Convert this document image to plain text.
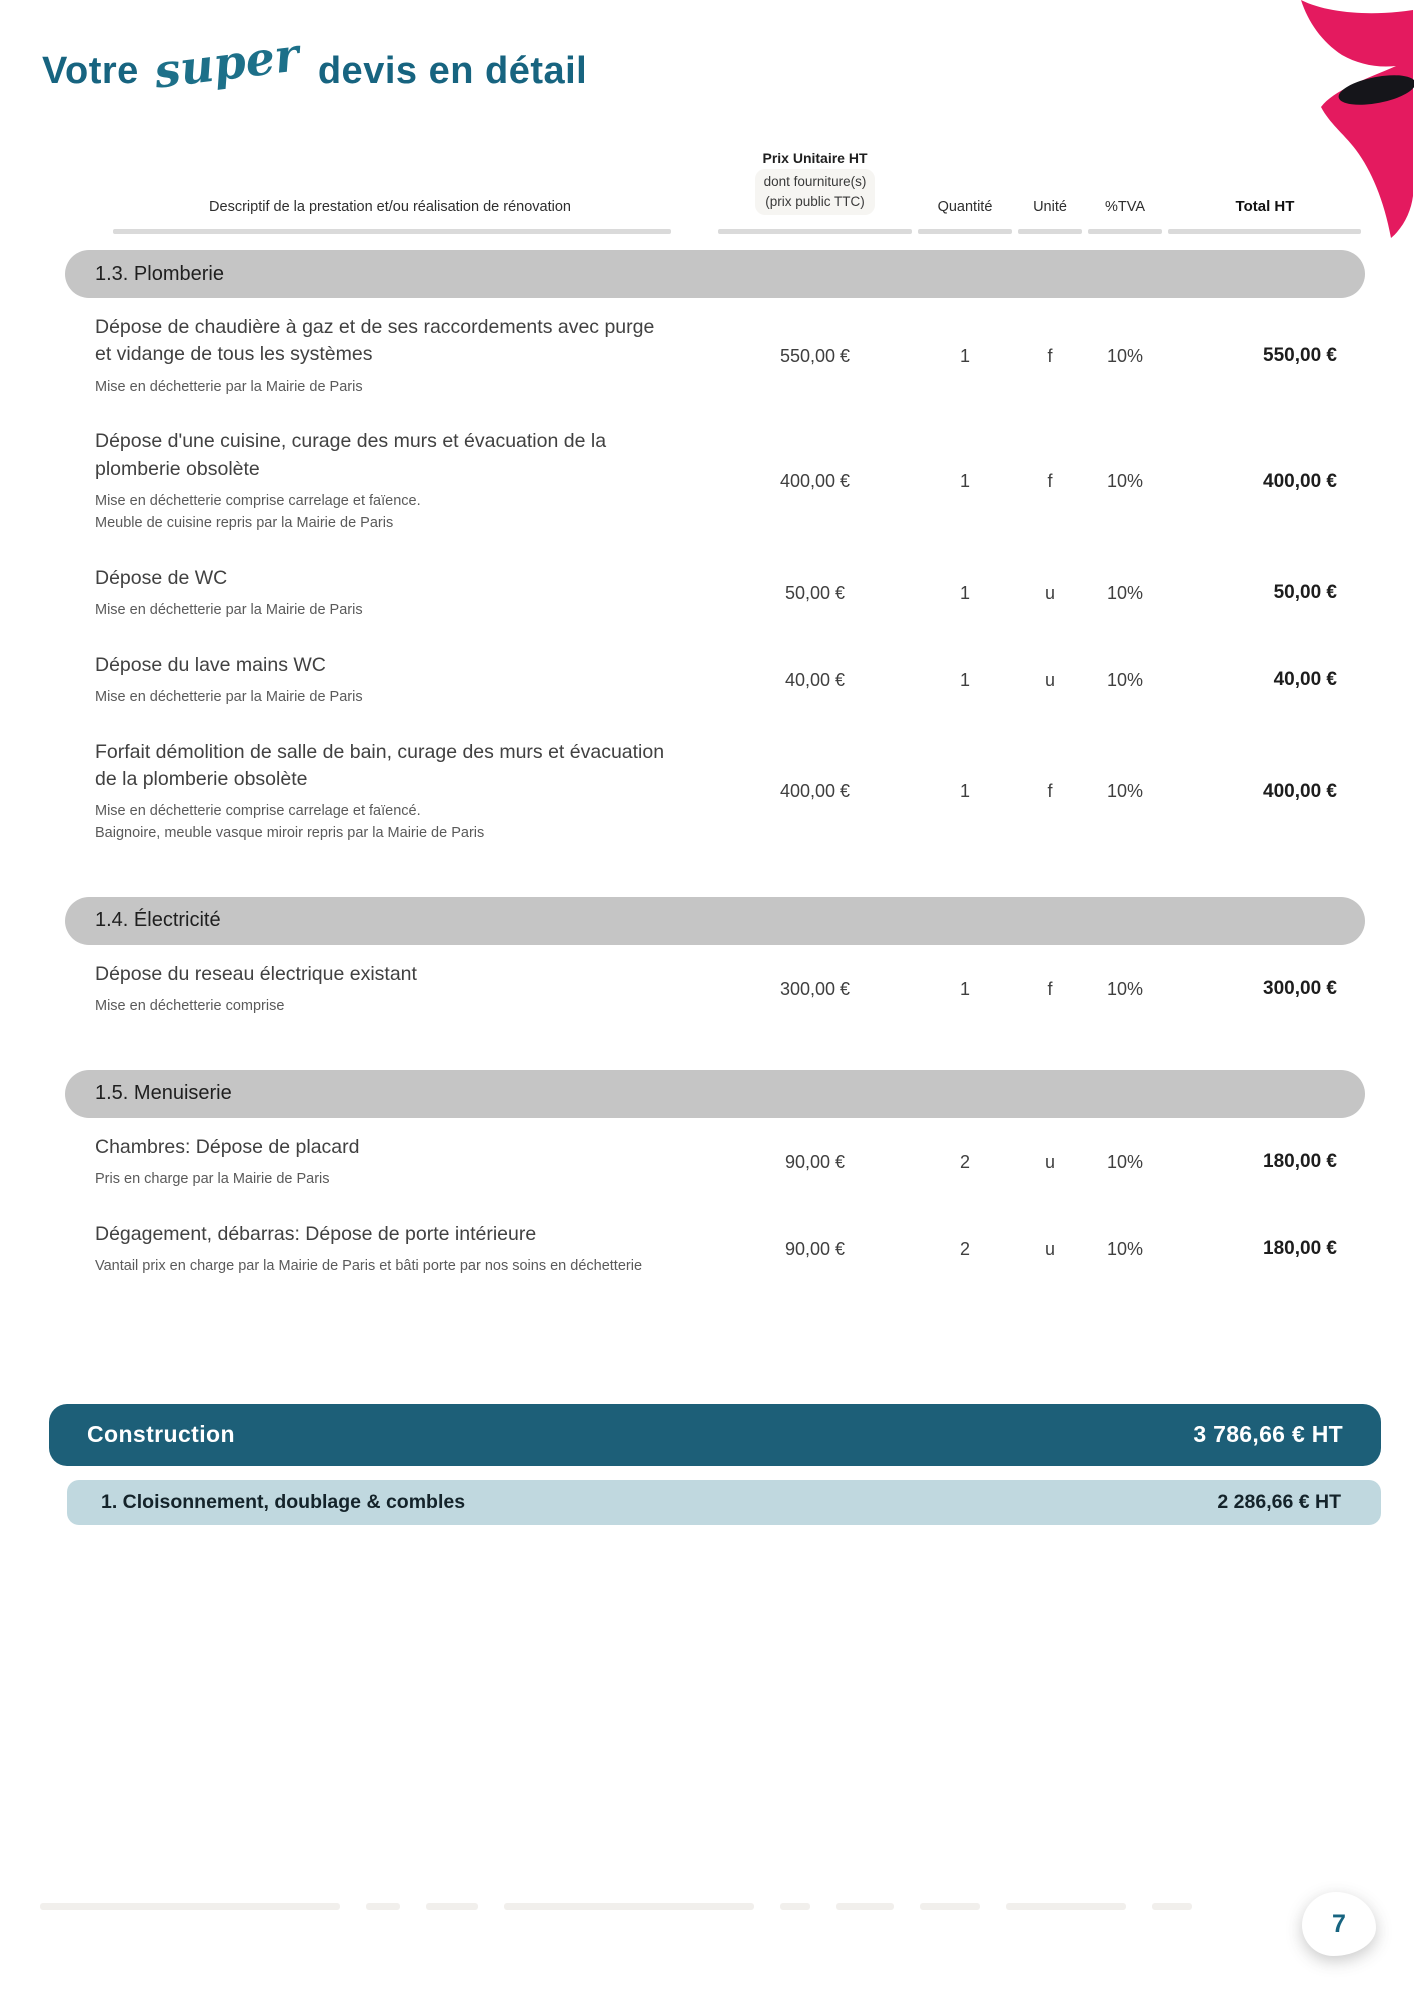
Votre super devis en détail
Descriptif de la prestation et/ou réalisation de rénovation
Prix Unitaire HT
dont fourniture(s)
(prix public TTC)	Quantité	Unité	%TVA	Total HT
1.3. Plomberie
Dépose de chaudière à gaz et de ses raccordements avec purge et vidange de tous les systèmes
Mise en déchetterie par la Mairie de Paris
550,00 €	1	f	10%	550,00 €
Dépose d'une cuisine, curage des murs et évacuation de la plomberie obsolète
Mise en déchetterie comprise carrelage et faïence.
Meuble de cuisine repris par la Mairie de Paris
400,00 €	1	f	10%	400,00 €
Dépose de WC
Mise en déchetterie par la Mairie de Paris
50,00 €	1	u	10%	50,00 €
Dépose du lave mains WC
Mise en déchetterie par la Mairie de Paris
40,00 €	1	u	10%	40,00 €
Forfait démolition de salle de bain, curage des murs et évacuation de la plomberie obsolète
Mise en déchetterie comprise carrelage et faïencé.
Baignoire, meuble vasque miroir repris par la Mairie de Paris
400,00 €	1	f	10%	400,00 €
1.4. Électricité
Dépose du reseau électrique existant
Mise en déchetterie comprise
300,00 €	1	f	10%	300,00 €
1.5. Menuiserie
Chambres: Dépose de placard
Pris en charge par la Mairie de Paris
90,00 €	2	u	10%	180,00 €
Dégagement, débarras: Dépose de porte intérieure
Vantail prix en charge par la Mairie de Paris et bâti porte par nos soins en déchetterie
90,00 €	2	u	10%	180,00 €
Construction	3 786,66 € HT
1. Cloisonnement, doublage & combles	2 286,66 € HT
7
